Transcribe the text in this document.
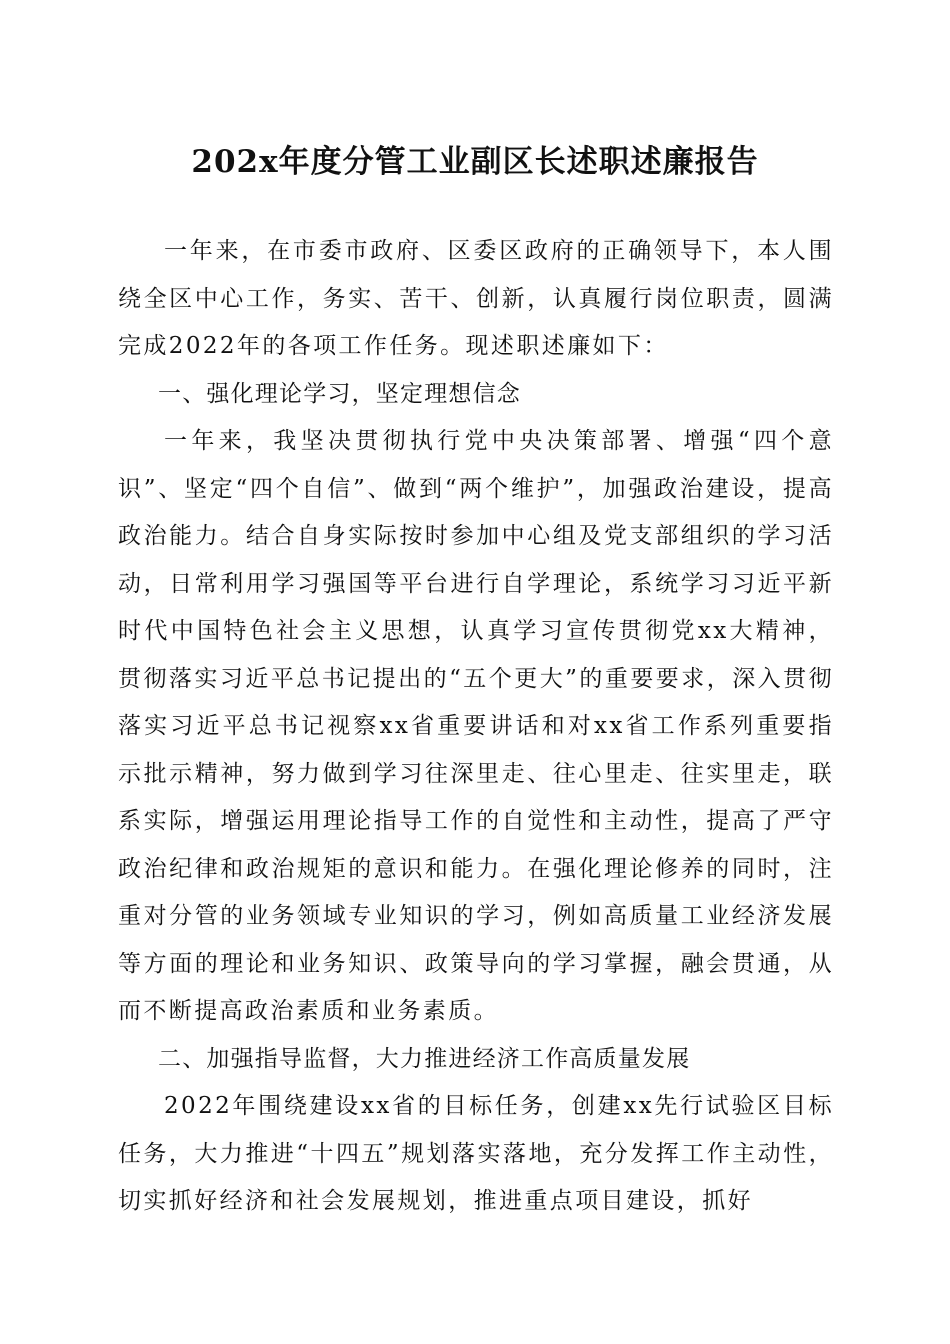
202x年度分管工业副区长述职述廉报告

一年来，在市委市政府、区委区政府的正确领导下，本人围绕全区中心工作，务实、苦干、创新，认真履行岗位职责，圆满完成2022年的各项工作任务。现述职述廉如下：

一、强化理论学习，坚定理想信念

一年来，我坚决贯彻执行党中央决策部署、增强“四个意识”、坚定“四个自信”、做到“两个维护”，加强政治建设，提高政治能力。结合自身实际按时参加中心组及党支部组织的学习活动，日常利用学习强国等平台进行自学理论，系统学习习近平新时代中国特色社会主义思想，认真学习宣传贯彻党xx大精神，贯彻落实习近平总书记提出的“五个更大”的重要要求，深入贯彻落实习近平总书记视察xx省重要讲话和对xx省工作系列重要指示批示精神，努力做到学习往深里走、往心里走、往实里走，联系实际，增强运用理论指导工作的自觉性和主动性，提高了严守政治纪律和政治规矩的意识和能力。在强化理论修养的同时，注重对分管的业务领域专业知识的学习，例如高质量工业经济发展等方面的理论和业务知识、政策导向的学习掌握，融会贯通，从而不断提高政治素质和业务素质。

二、加强指导监督，大力推进经济工作高质量发展

2022年围绕建设xx省的目标任务，创建xx先行试验区目标任务，大力推进“十四五”规划落实落地，充分发挥工作主动性，切实抓好经济和社会发展规划，推进重点项目建设，抓好
